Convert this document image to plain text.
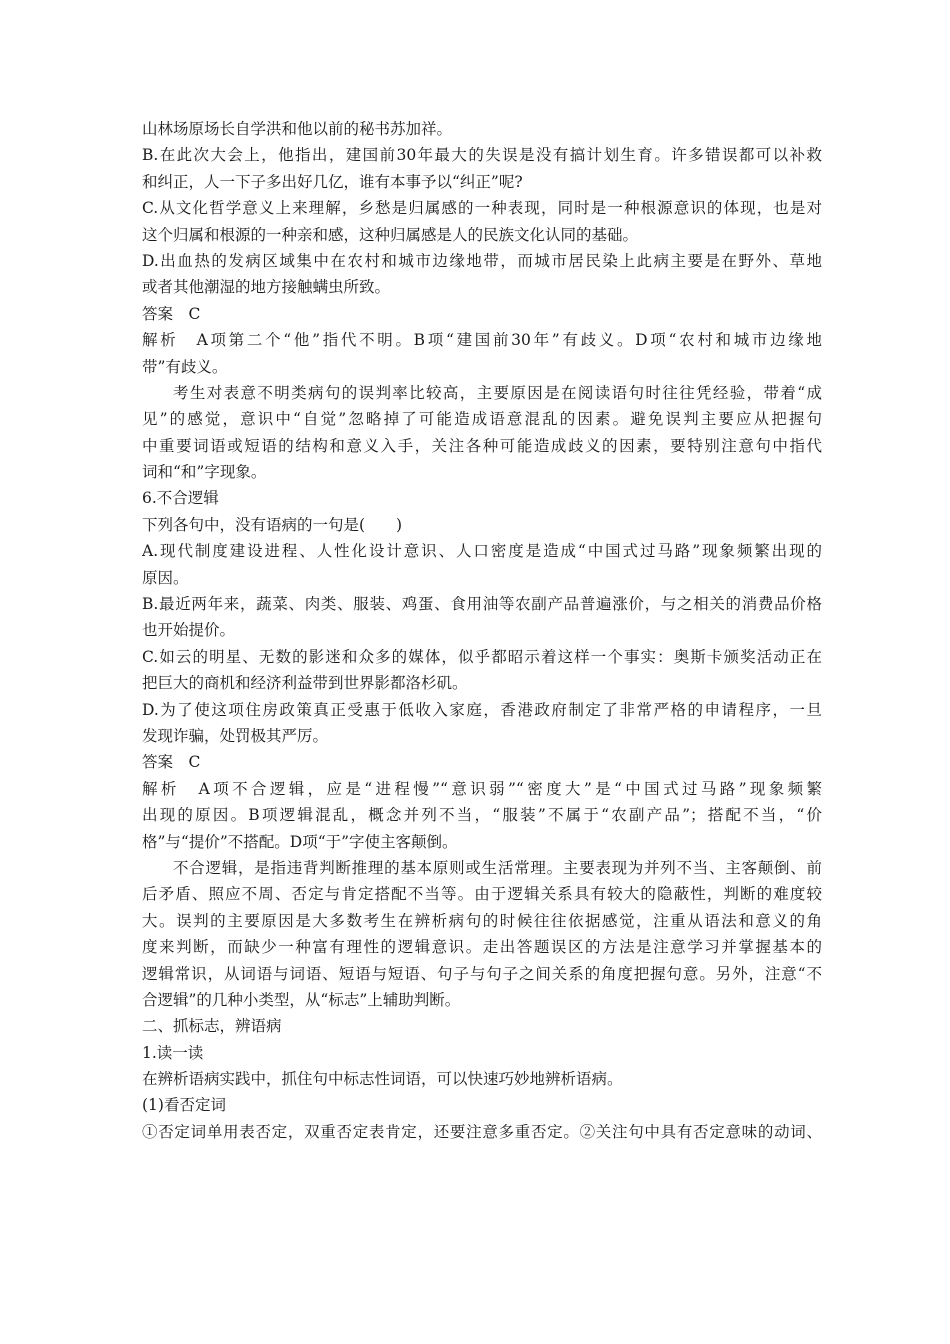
山林场原场长自学洪和他以前的秘书苏加祥。
B.在此次大会上，他指出，建国前30年最大的失误是没有搞计划生育。许多错误都可以补救
和纠正，人一下子多出好几亿，谁有本事予以“纠正”呢?
C.从文化哲学意义上来理解，乡愁是归属感的一种表现，同时是一种根源意识的体现，也是对
这个归属和根源的一种亲和感，这种归属感是人的民族文化认同的基础。
D.出血热的发病区域集中在农村和城市边缘地带，而城市居民染上此病主要是在野外、草地
或者其他潮湿的地方接触螨虫所致。
答案　C
解析　A项第二个“他”指代不明。B项“建国前30年”有歧义。D项“农村和城市边缘地
带”有歧义。
考生对表意不明类病句的误判率比较高，主要原因是在阅读语句时往往凭经验，带着“成
见”的感觉，意识中“自觉”忽略掉了可能造成语意混乱的因素。避免误判主要应从把握句
中重要词语或短语的结构和意义入手，关注各种可能造成歧义的因素，要特别注意句中指代
词和“和”字现象。
6.不合逻辑
下列各句中，没有语病的一句是(　　)
A.现代制度建设进程、人性化设计意识、人口密度是造成“中国式过马路”现象频繁出现的
原因。
B.最近两年来，蔬菜、肉类、服装、鸡蛋、食用油等农副产品普遍涨价，与之相关的消费品价格
也开始提价。
C.如云的明星、无数的影迷和众多的媒体，似乎都昭示着这样一个事实：奥斯卡颁奖活动正在
把巨大的商机和经济利益带到世界影都洛杉矶。
D.为了使这项住房政策真正受惠于低收入家庭，香港政府制定了非常严格的申请程序，一旦
发现诈骗，处罚极其严厉。
答案　C
解析　A项不合逻辑，应是“进程慢”“意识弱”“密度大”是“中国式过马路”现象频繁
出现的原因。B项逻辑混乱，概念并列不当，“服装”不属于“农副产品”；搭配不当，“价
格”与“提价”不搭配。D项“于”字使主客颠倒。
不合逻辑，是指违背判断推理的基本原则或生活常理。主要表现为并列不当、主客颠倒、前
后矛盾、照应不周、否定与肯定搭配不当等。由于逻辑关系具有较大的隐蔽性，判断的难度较
大。误判的主要原因是大多数考生在辨析病句的时候往往依据感觉，注重从语法和意义的角
度来判断，而缺少一种富有理性的逻辑意识。走出答题误区的方法是注意学习并掌握基本的
逻辑常识，从词语与词语、短语与短语、句子与句子之间关系的角度把握句意。另外，注意“不
合逻辑”的几种小类型，从“标志”上辅助判断。
二、抓标志，辨语病
1.读一读
在辨析语病实践中，抓住句中标志性词语，可以快速巧妙地辨析语病。
(1)看否定词
①否定词单用表否定，双重否定表肯定，还要注意多重否定。②关注句中具有否定意味的动词、
